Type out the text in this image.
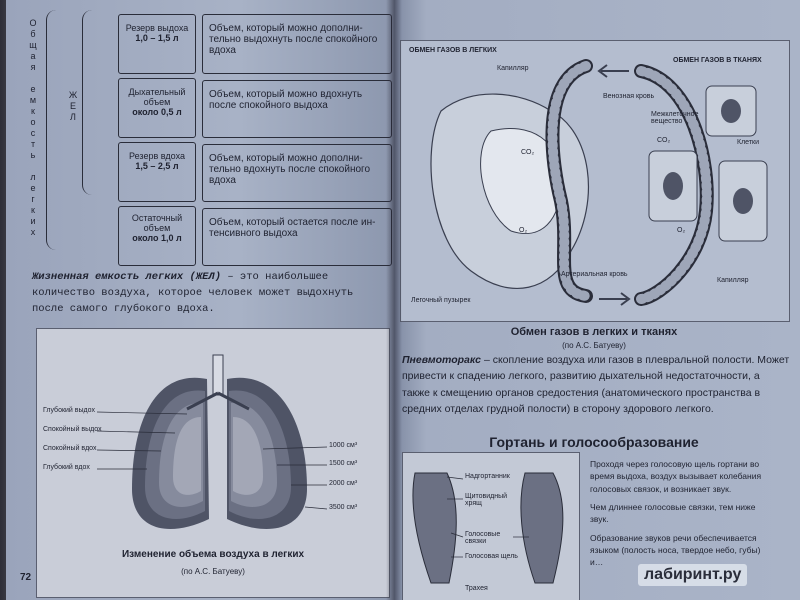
Общая емкость легких	ЖЕЛ
Резерв выдоха
1,0 – 1,5 л
Объем, который можно дополни-тельно выдохнуть после спокойного вдоха
Дыхательный объем
около 0,5 л
Объем, который можно вдохнуть после спокойного выдоха
Резерв вдоха
1,5 – 2,5 л
Объем, который можно дополни-тельно вдохнуть после спокойного вдоха
Остаточный объем
около 1,0 л
Объем, который остается после ин-тенсивного выдоха
Жизненная емкость легких (ЖЕЛ) – это наибольшее количество воздуха, которое человек может выдохнуть после самого глубокого вдоха.
Глубокий выдох
Спокойный выдох
Спокойный вдох
Глубокий вдох
1000 см³
1500 см³
2000 см³
3500 см³
Изменение объема воздуха в легких
(по А.С. Батуеву)
72
ОБМЕН ГАЗОВ В ЛЕГКИХ
ОБМЕН ГАЗОВ В ТКАНЯХ
Капилляр
Венозная кровь
Межклеточное вещество
Клетки
Артериальная кровь
Капилляр
Легочный пузырек
CO₂
O₂
CO₂
O₂
Обмен газов в легких и тканях
(по А.С. Батуеву)
Пневмоторакс – скопление воздуха или газов в плевральной полости. Может привести к спадению легкого, развитию дыхательной недостаточности, а также к смещению органов средостения (анатомического пространства в средних отделах грудной полости) в сторону здорового легкого.
Гортань и голосообразование
Надгортанник
Щитовидный хрящ
Голосовые связки
Голосовая щель
Трахея

Проходя через голосовую щель гортани во время выдоха, воздух вызывает колебания голосовых связок, и возникает звук.

Чем длиннее голосовые связки, тем ниже звук.

Образование звуков речи обеспечивается языком (полость носа, твердое небо, губы) и…

лабиринт.ру
